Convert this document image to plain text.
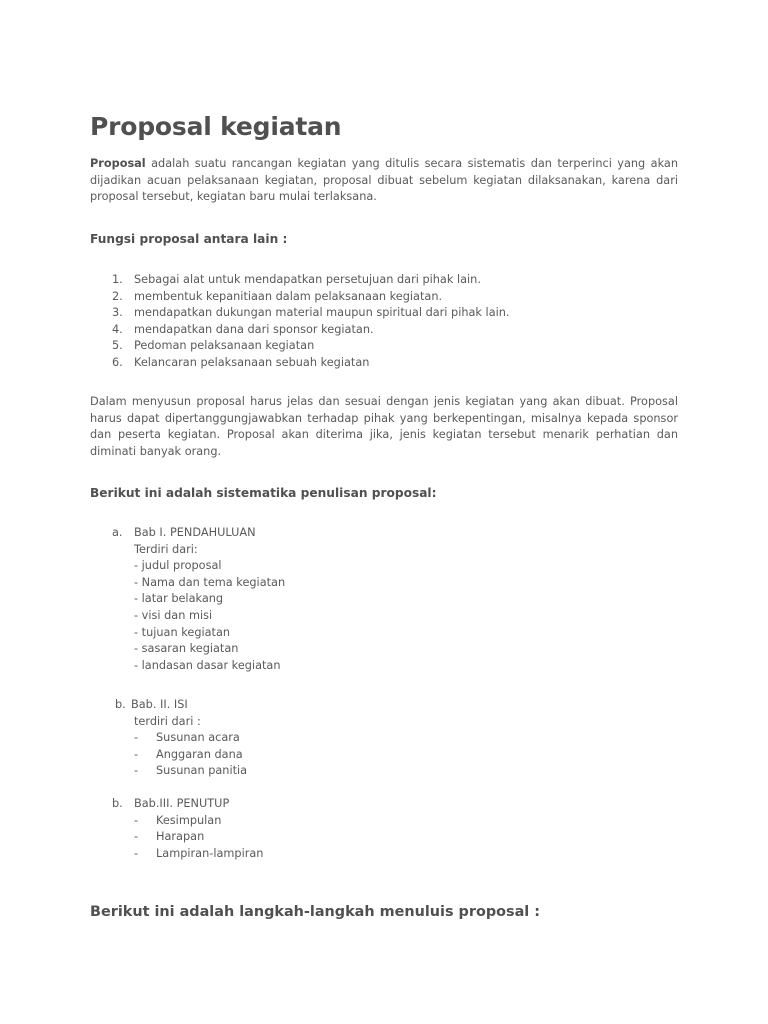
Proposal kegiatan

Proposal adalah suatu rancangan kegiatan yang ditulis secara sistematis dan terperinci yang akan dijadikan acuan pelaksanaan kegiatan, proposal dibuat sebelum kegiatan dilaksanakan, karena dari proposal tersebut, kegiatan baru mulai terlaksana.

Fungsi proposal antara lain :
1. Sebagai alat untuk mendapatkan persetujuan dari pihak lain.
2. membentuk kepanitiaan dalam pelaksanaan kegiatan.
3. mendapatkan dukungan material maupun spiritual dari pihak lain.
4. mendapatkan dana dari sponsor kegiatan.
5. Pedoman pelaksanaan kegiatan
6. Kelancaran pelaksanaan sebuah kegiatan

Dalam menyusun proposal harus jelas dan sesuai dengan jenis kegiatan yang akan dibuat. Proposal harus dapat dipertanggungjawabkan terhadap pihak yang berkepentingan, misalnya kepada sponsor dan peserta kegiatan. Proposal akan diterima jika, jenis kegiatan tersebut menarik perhatian dan diminati banyak orang.

Berikut ini adalah sistematika penulisan proposal:
a. Bab I. PENDAHULUAN
Terdiri dari:
- judul proposal
- Nama dan tema kegiatan
- latar belakang
- visi dan misi
- tujuan kegiatan
- sasaran kegiatan
- landasan dasar kegiatan
b. Bab. II. ISI
terdiri dari :
- Susunan acara
- Anggaran dana
- Susunan panitia
b. Bab.III. PENUTUP
- Kesimpulan
- Harapan
- Lampiran-lampiran
Berikut ini adalah langkah-langkah menuluis proposal :
